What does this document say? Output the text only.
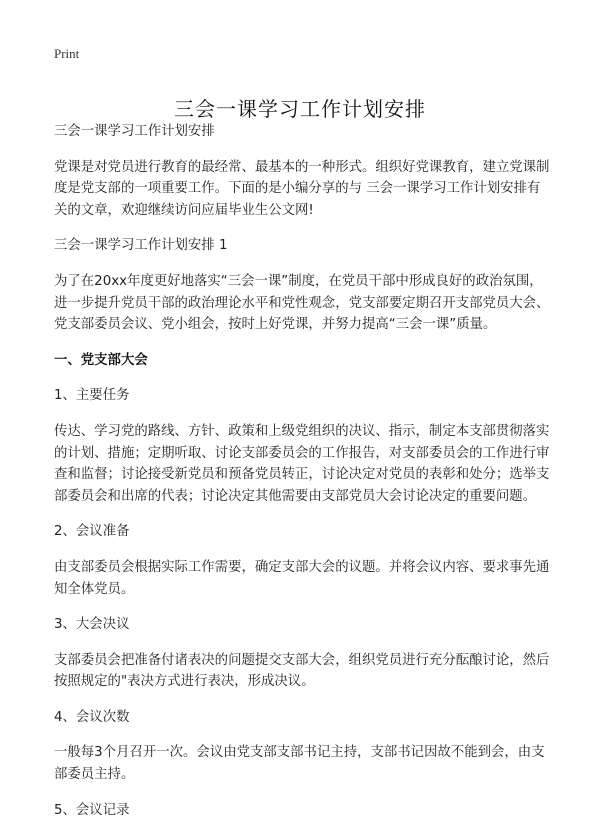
Print
三会一课学习工作计划安排

三会一课学习工作计划安排

党课是对党员进行教育的最经常、最基本的一种形式。组织好党课教育，建立党课制度是党支部的一项重要工作。下面的是小编分享的与 三会一课学习工作计划安排有关的文章，欢迎继续访问应届毕业生公文网!

三会一课学习工作计划安排 1

为了在20xx年度更好地落实“三会一课”制度，在党员干部中形成良好的政治氛围，进一步提升党员干部的政治理论水平和党性观念，党支部要定期召开支部党员大会、党支部委员会议、党小组会，按时上好党课，并努力提高“三会一课”质量。

一、党支部大会

1、主要任务

传达、学习党的路线、方针、政策和上级党组织的决议、指示，制定本支部贯彻落实的计划、措施；定期听取、讨论支部委员会的工作报告，对支部委员会的工作进行审查和监督；讨论接受新党员和预备党员转正，讨论决定对党员的表彰和处分；选举支部委员会和出席的代表；讨论决定其他需要由支部党员大会讨论决定的重要问题。

2、会议准备

由支部委员会根据实际工作需要，确定支部大会的议题。并将会议内容、要求事先通知全体党员。

3、大会决议

支部委员会把准备付诸表决的问题提交支部大会，组织党员进行充分酝酿讨论，然后按照规定的"表决方式进行表决，形成决议。

4、会议次数

一般每3个月召开一次。会议由党支部支部书记主持，支部书记因故不能到会，由支部委员主持。

5、会议记录
